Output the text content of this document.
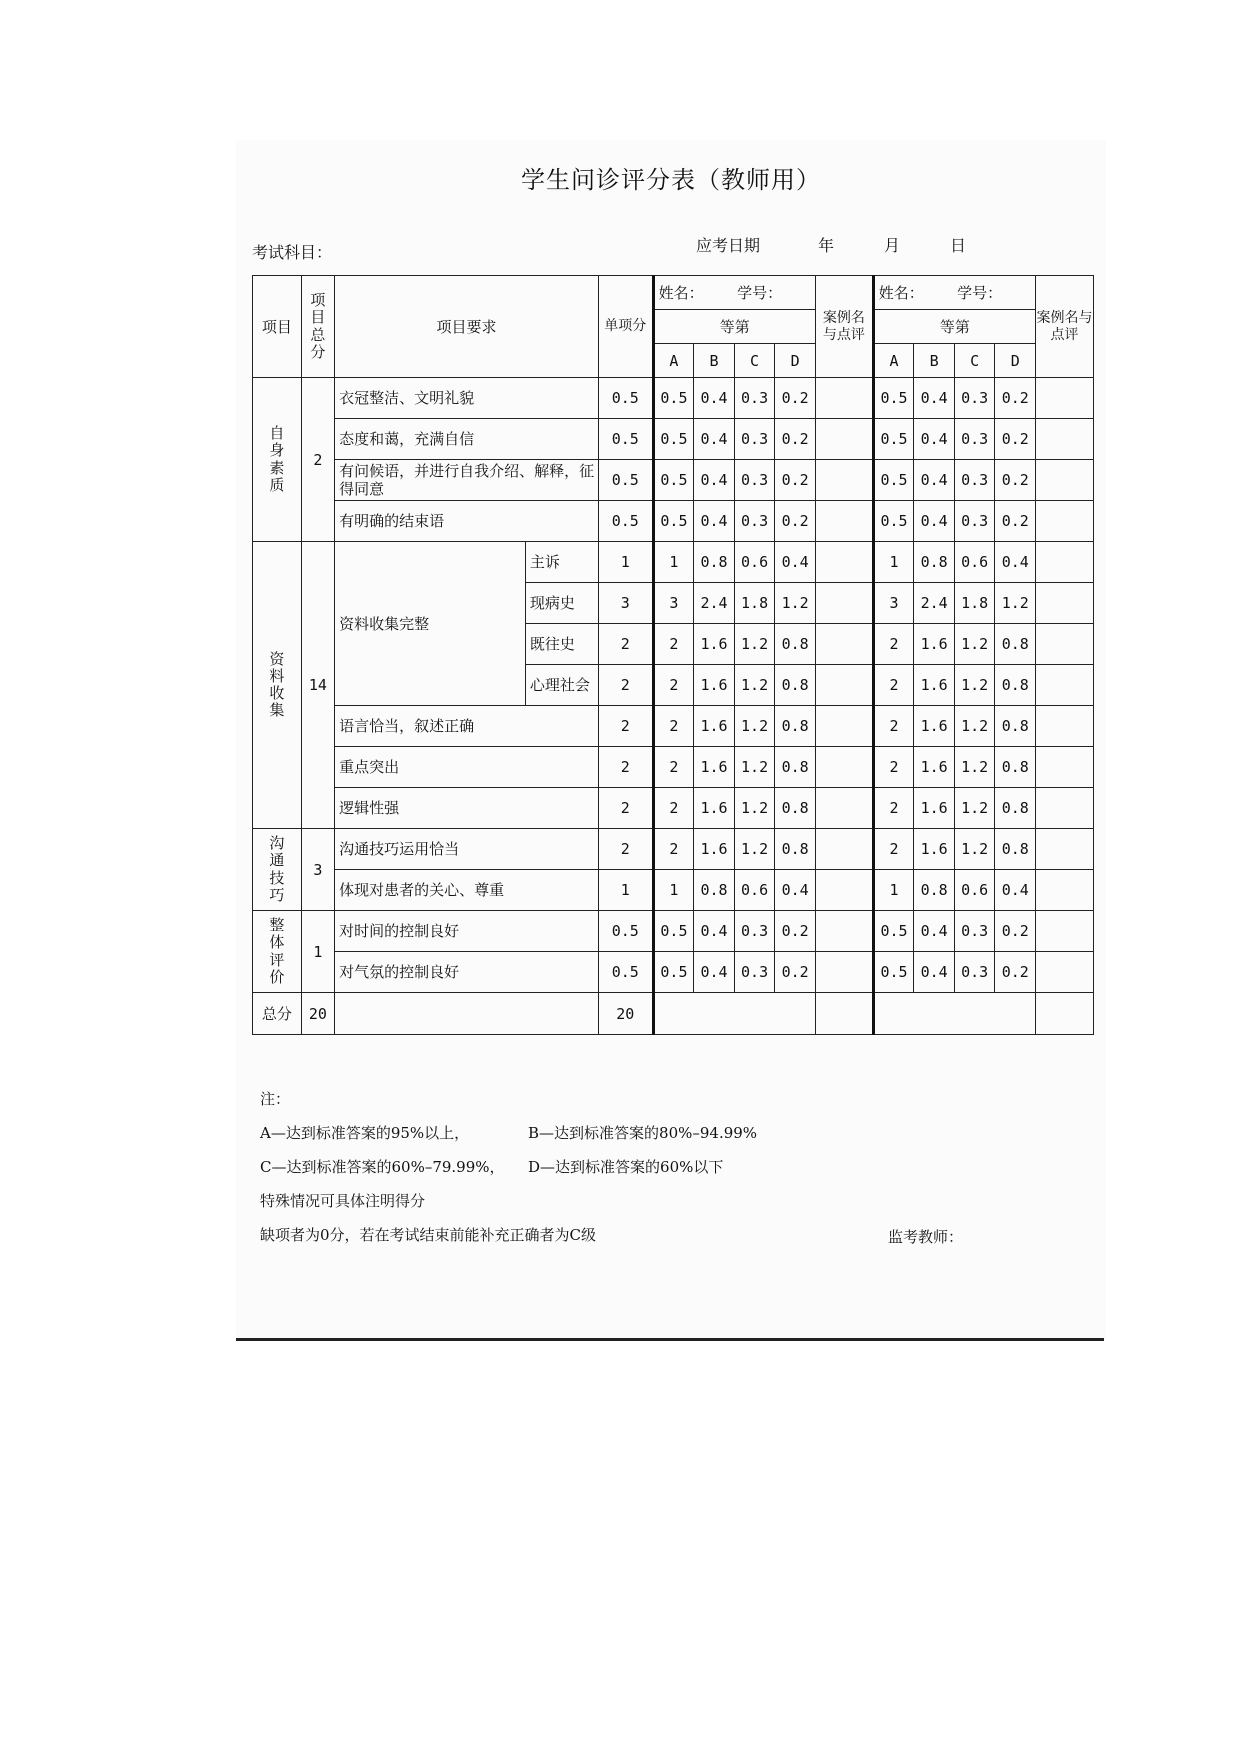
学生问诊评分表（教师用）
考试科目：	应考日期	年	月	日
项目	项目总分	项目要求		单项分	姓名： 学号：				案例名与点评	姓名： 学号：				案例名与点评
					等第					等第				
					A	B	C	D		A	B	C	D	
自身素质	2	衣冠整洁、文明礼貌		0.5	0.5	0.4	0.3	0.2		0.5	0.4	0.3	0.2	
		态度和蔼，充满自信		0.5	0.5	0.4	0.3	0.2		0.5	0.4	0.3	0.2	
		有问候语，并进行自我介绍、解释，征得同意		0.5	0.5	0.4	0.3	0.2		0.5	0.4	0.3	0.2	
		有明确的结束语		0.5	0.5	0.4	0.3	0.2		0.5	0.4	0.3	0.2	
资料收集	14	资料收集完整	主诉	1	1	0.8	0.6	0.4		1	0.8	0.6	0.4	
			现病史	3	3	2.4	1.8	1.2		3	2.4	1.8	1.2	
			既往史	2	2	1.6	1.2	0.8		2	1.6	1.2	0.8	
			心理社会	2	2	1.6	1.2	0.8		2	1.6	1.2	0.8	
		语言恰当，叙述正确		2	2	1.6	1.2	0.8		2	1.6	1.2	0.8	
		重点突出		2	2	1.6	1.2	0.8		2	1.6	1.2	0.8	
		逻辑性强		2	2	1.6	1.2	0.8		2	1.6	1.2	0.8	
沟通技巧	3	沟通技巧运用恰当		2	2	1.6	1.2	0.8		2	1.6	1.2	0.8	
		体现对患者的关心、尊重		1	1	0.8	0.6	0.4		1	0.8	0.6	0.4	
整体评价	1	对时间的控制良好		0.5	0.5	0.4	0.3	0.2		0.5	0.4	0.3	0.2	
		对气氛的控制良好		0.5	0.5	0.4	0.3	0.2		0.5	0.4	0.3	0.2	
总分	20			20										
注：
A—达到标准答案的95%以上，	B—达到标准答案的80%–94.99%
C—达到标准答案的60%–79.99%， D—达到标准答案的60%以下
特殊情况可具体注明得分
缺项者为0分，若在考试结束前能补充正确者为C级	监考教师：
